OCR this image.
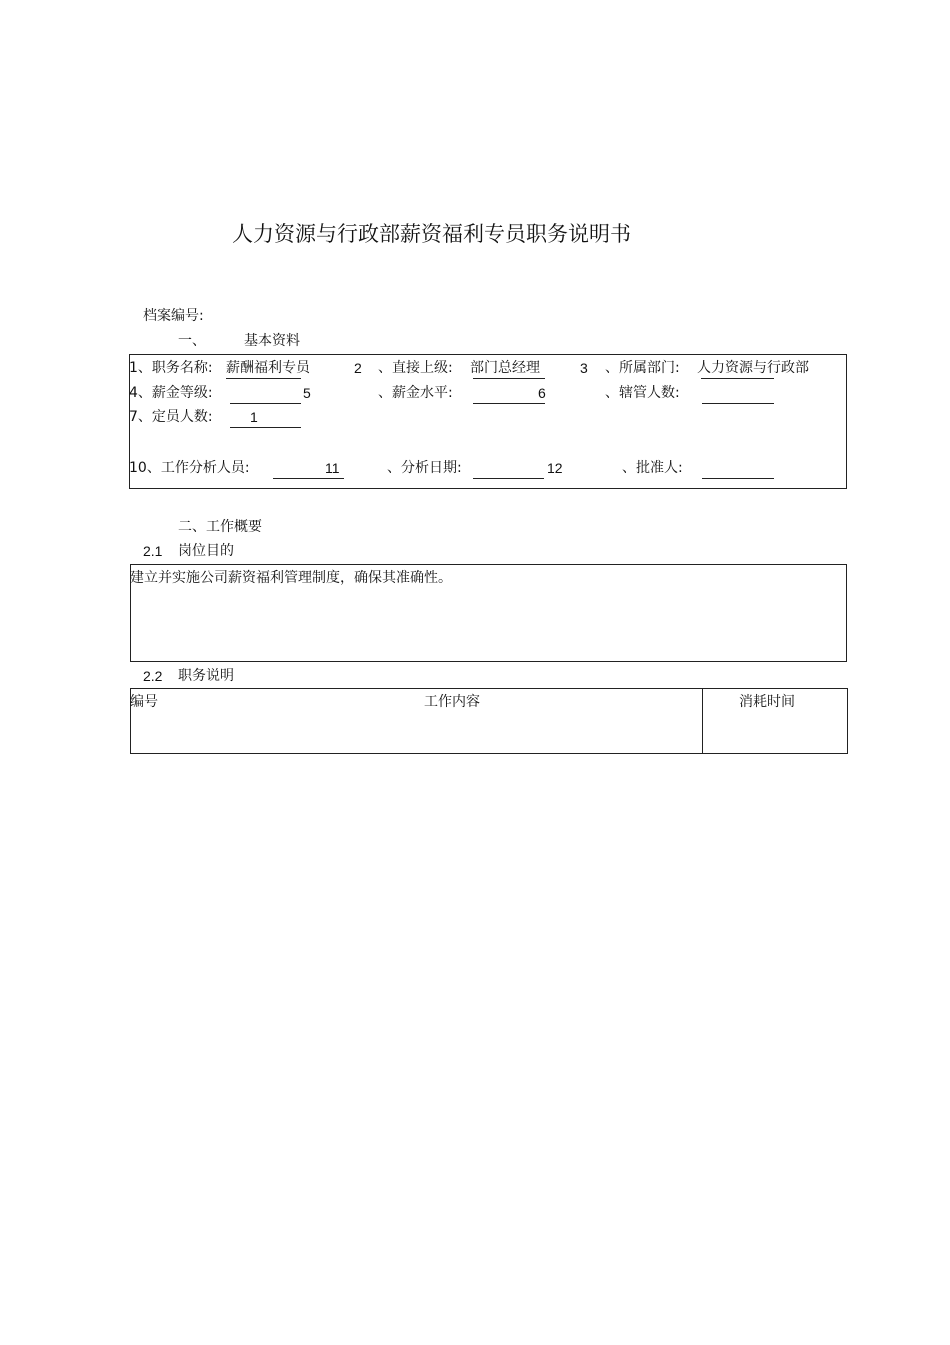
人力资源与行政部薪资福利专员职务说明书
档案编号:
一、	基本资料
1、职务名称: 薪酬福利专员	2 、直接上级: 部门总经理	3 、所属部门: 人力资源与行政部
4、薪金等级:	5	、薪金水平:	6	、辖管人数:
7、定员人数:	1
10、工作分析人员:	11	、分析日期:	12	、批准人:
二、工作概要
2.1 岗位目的
建立并实施公司薪资福利管理制度，确保其准确性。
2.2 职务说明
编号	工作内容	消耗时间
